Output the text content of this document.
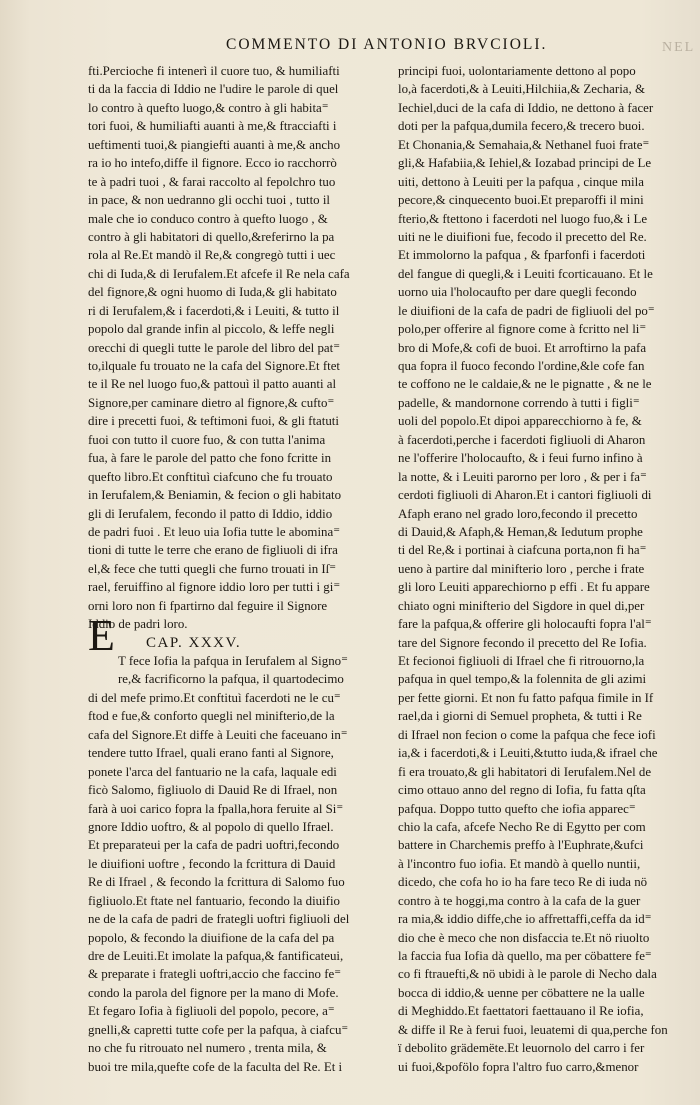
COMMENTO DI ANTONIO BRVCIOLI.	NEL
fti.Percioche fi intenerì il cuore tuo, & humiliafti
ti da la faccia di Iddio ne l'udire le parole di quel
lo contro à quefto luogo,& contro à gli habita⁼
tori fuoi, & humiliafti auanti à me,& ftracciafti i
ueftimenti tuoi,& piangiefti auanti à me,& ancho
ra io ho intefo,diffe il fignore. Ecco io racchorrò
te à padri tuoi , & farai raccolto al fepolchro tuo
in pace, & non uedranno gli occhi tuoi , tutto il
male che io conduco contro à quefto luogo , &
contro à gli habitatori di quello,&referirno la pa
rola al Re.Et mandò il Re,& congregò tutti i uec
chi di Iuda,& di Ierufalem.Et afcefe il Re nela cafa
del fignore,& ogni huomo di Iuda,& gli habitato
ri di Ierufalem,& i facerdoti,& i Leuiti, & tutto il
popolo dal grande infin al piccolo, & leffe negli
orecchi di quegli tutte le parole del libro del pat⁼
to,ilquale fu trouato ne la cafa del Signore.Et ftet
te il Re nel luogo fuo,& pattouì il patto auanti al
Signore,per caminare dietro al fignore,& cufto⁼
dire i precetti fuoi, & teftimoni fuoi, & gli ftatuti
fuoi con tutto il cuore fuo, & con tutta l'anima
fua, à fare le parole del patto che fono fcritte in
quefto libro.Et conftituì ciafcuno che fu trouato
in Ierufalem,& Beniamin, & fecion o gli habitato
gli di Ierufalem, fecondo il patto di Iddio, iddio
de padri fuoi . Et leuo uia Iofia tutte le abomina⁼
tioni di tutte le terre che erano de figliuoli di ifra
el,& fece che tutti quegli che furno trouati in Iſ⁼
rael, feruiffino al fignore iddio loro per tutti i gi⁼
orni loro non fi fpartirno dal feguire il Signore
Iddio de padri loro.
CAP. XXXV.
T fece Iofia la pafqua in Ierufalem al Signo⁼
re,& facrificorno la pafqua, il quartodecimo
di del mefe primo.Et conftituì facerdoti ne le cu⁼
ftod e fue,& conforto quegli nel minifterio,de la
cafa del Signore.Et diffe à Leuiti che faceuano in⁼
tendere tutto Ifrael, quali erano fanti al Signore,
ponete l'arca del fantuario ne la cafa, laquale edi
ficò Salomo, figliuolo di Dauid Re di Ifrael, non
farà à uoi carico fopra la fpalla,hora feruite al Si⁼
gnore Iddio uoftro, & al popolo di quello Ifrael.
Et preparateui per la cafa de padri uoftri,fecondo
le diuifioni uoftre , fecondo la fcrittura di Dauid
Re di Ifrael , & fecondo la fcrittura di Salomo fuo
figliuolo.Et ftate nel fantuario, fecondo la diuifio
ne de la cafa de padri de frategli uoftri figliuoli del
popolo, & fecondo la diuifione de la cafa del pa
dre de Leuiti.Et imolate la pafqua,& fantificateui,
& preparate i frategli uoftri,accio che faccino fe⁼
condo la parola del fignore per la mano di Mofe.
Et fegaro Iofia à figliuoli del popolo, pecore, a⁼
gnelli,& capretti tutte cofe per la pafqua, à ciafcu⁼
no che fu ritrouato nel numero , trenta mila, &
buoi tre mila,quefte cofe de la faculta del Re. Et i
E
principi fuoi, uolontariamente dettono al popo
lo,à facerdoti,& à Leuiti,Hilchiia,& Zecharia, &
Iechiel,duci de la cafa di Iddio, ne dettono à facer
doti per la pafqua,dumila fecero,& trecero buoi.
Et Chonania,& Semahaia,& Nethanel fuoi frate⁼
gli,& Hafabiia,& Iehiel,& Iozabad principi de Le
uiti, dettono à Leuiti per la pafqua , cinque mila
pecore,& cinquecento buoi.Et preparoffi il mini
fterio,& ftettono i facerdoti nel luogo fuo,& i Le
uiti ne le diuifioni fue, fecodo il precetto del Re.
Et immolorno la pafqua , & fparfonfi i facerdoti
del fangue di quegli,& i Leuiti fcorticauano. Et le
uorno uia l'holocaufto per dare quegli fecondo
le diuifioni de la cafa de padri de figliuoli del po⁼
polo,per offerire al fignore come à fcritto nel li⁼
bro di Mofe,& cofi de buoi. Et arroftirno la pafa
qua fopra il fuoco fecondo l'ordine,&le cofe fan
te coffono ne le caldaie,& ne le pignatte , & ne le
padelle, & mandornone correndo à tutti i figli⁼
uoli del popolo.Et dipoi apparecchiorno à fe, &
à facerdoti,perche i facerdoti figliuoli di Aharon
ne l'offerire l'holocaufto, & i feui furno infino à
la notte, & i Leuiti parorno per loro , & per i fa⁼
cerdoti figliuoli di Aharon.Et i cantori figliuoli di
Afaph erano nel grado loro,fecondo il precetto
di Dauid,& Afaph,& Heman,& Iedutum prophe
ti del Re,& i portinai à ciafcuna porta,non fi ha⁼
ueno à partire dal minifterio loro , perche i frate
gli loro Leuiti apparechiorno p effi . Et fu appare
chiato ogni minifterio del Sigdore in quel di,per
fare la pafqua,& offerire gli holocaufti fopra l'al⁼
tare del Signore fecondo il precetto del Re Iofia.
Et fecionoi figliuoli di Ifrael che fi ritrouorno,la
pafqua in quel tempo,& la folennita de gli azimi
per fette giorni. Et non fu fatto pafqua fimile in If
rael,da i giorni di Semuel propheta, & tutti i Re
di Ifrael non fecion o come la pafqua che fece iofi
ia,& i facerdoti,& i Leuiti,&tutto iuda,& ifrael che
fi era trouato,& gli habitatori di Ierufalem.Nel de
cimo ottauo anno del regno di Iofia, fu fatta qſta
pafqua. Doppo tutto quefto che iofia apparec⁼
chio la cafa, afcefe Necho Re di Egytto per com
battere in Charchemis preffo à l'Euphrate,&ufci
à l'incontro fuo iofia. Et mandò à quello nuntii,
dicedo, che cofa ho io ha fare teco Re di iuda nö
contro à te hoggi,ma contro à la cafa de la guer
ra mia,& iddio diffe,che io affrettaffi,ceffa da id⁼
dio che è meco che non disfaccia te.Et nö riuolto
la faccia fua Iofia dà quello, ma per cöbattere fe⁼
co fi ftrauefti,& nö ubidi à le parole di Necho dala
bocca di iddio,& uenne per cöbattere ne la ualle
di Meghiddo.Et faettatori faettauano il Re iofia,
& diffe il Re à ferui fuoi, leuatemi di qua,perche fon
ï debolito grädemëte.Et leuornolo del carro i fer
ui fuoi,&pofölo fopra l'altro fuo carro,&menor
